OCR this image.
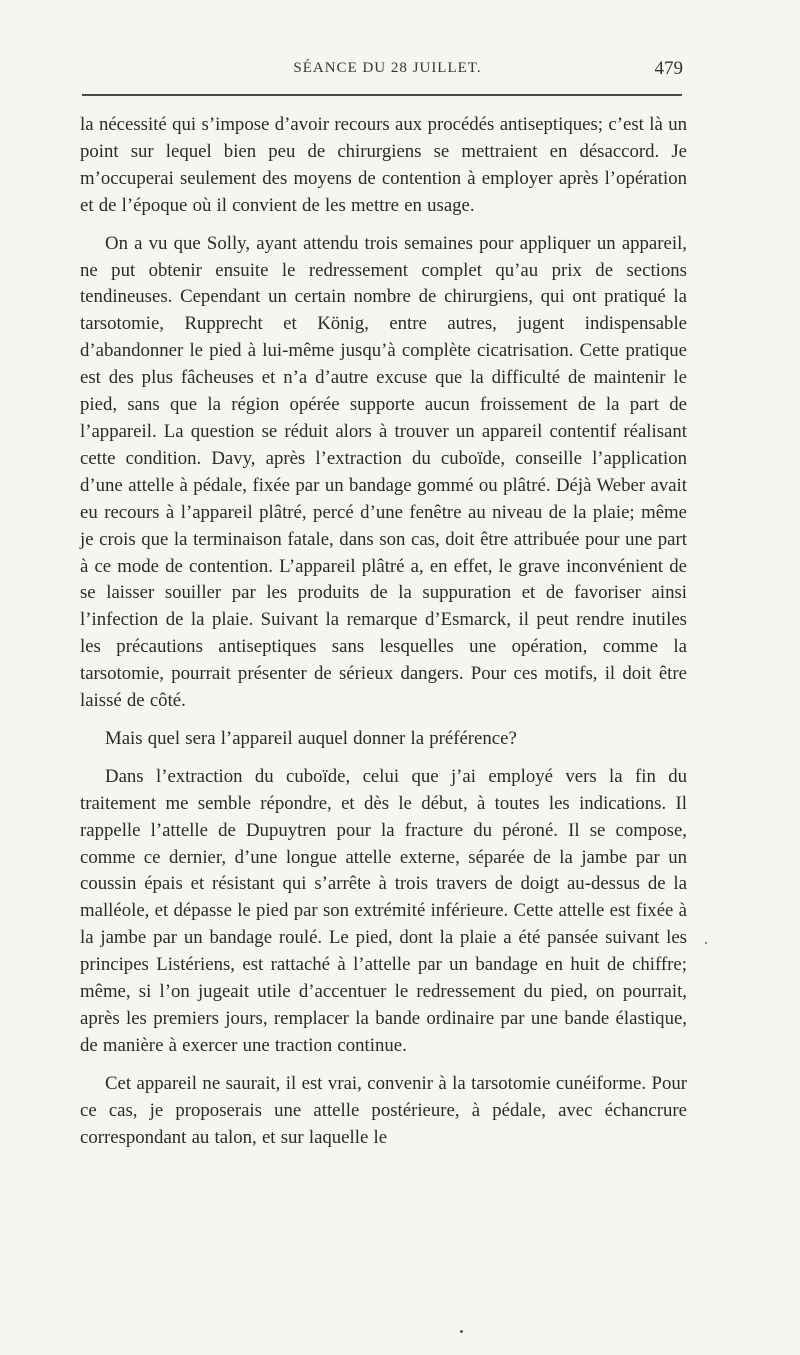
SÉANCE DU 28 JUILLET.	479

la nécessité qui s’impose d’avoir recours aux procédés antiseptiques; c’est là un point sur lequel bien peu de chirurgiens se mettraient en désaccord. Je m’occuperai seulement des moyens de contention à employer après l’opération et de l’époque où il convient de les mettre en usage.

On a vu que Solly, ayant attendu trois semaines pour appliquer un appareil, ne put obtenir ensuite le redressement complet qu’au prix de sections tendineuses. Cependant un certain nombre de chirurgiens, qui ont pratiqué la tarsotomie, Rupprecht et König, entre autres, jugent indispensable d’abandonner le pied à lui-même jusqu’à complète cicatrisation. Cette pratique est des plus fâcheuses et n’a d’autre excuse que la difficulté de maintenir le pied, sans que la région opérée supporte aucun froissement de la part de l’appareil. La question se réduit alors à trouver un appareil contentif réalisant cette condition. Davy, après l’extraction du cuboïde, conseille l’application d’une attelle à pédale, fixée par un bandage gommé ou plâtré. Déjà Weber avait eu recours à l’appareil plâtré, percé d’une fenêtre au niveau de la plaie; même je crois que la terminaison fatale, dans son cas, doit être attribuée pour une part à ce mode de contention. L’appareil plâtré a, en effet, le grave inconvénient de se laisser souiller par les produits de la suppuration et de favoriser ainsi l’infection de la plaie. Suivant la remarque d’Esmarck, il peut rendre inutiles les précautions antiseptiques sans lesquelles une opération, comme la tarsotomie, pourrait présenter de sérieux dangers. Pour ces motifs, il doit être laissé de côté.

Mais quel sera l’appareil auquel donner la préférence?

Dans l’extraction du cuboïde, celui que j’ai employé vers la fin du traitement me semble répondre, et dès le début, à toutes les indications. Il rappelle l’attelle de Dupuytren pour la fracture du péroné. Il se compose, comme ce dernier, d’une longue attelle externe, séparée de la jambe par un coussin épais et résistant qui s’arrête à trois travers de doigt au-dessus de la malléole, et dépasse le pied par son extrémité inférieure. Cette attelle est fixée à la jambe par un bandage roulé. Le pied, dont la plaie a été pansée suivant les principes Listériens, est rattaché à l’attelle par un bandage en huit de chiffre; même, si l’on jugeait utile d’accentuer le redressement du pied, on pourrait, après les premiers jours, remplacer la bande ordinaire par une bande élastique, de manière à exercer une traction continue.

Cet appareil ne saurait, il est vrai, convenir à la tarsotomie cunéiforme. Pour ce cas, je proposerais une attelle postérieure, à pédale, avec échancrure correspondant au talon, et sur laquelle le
